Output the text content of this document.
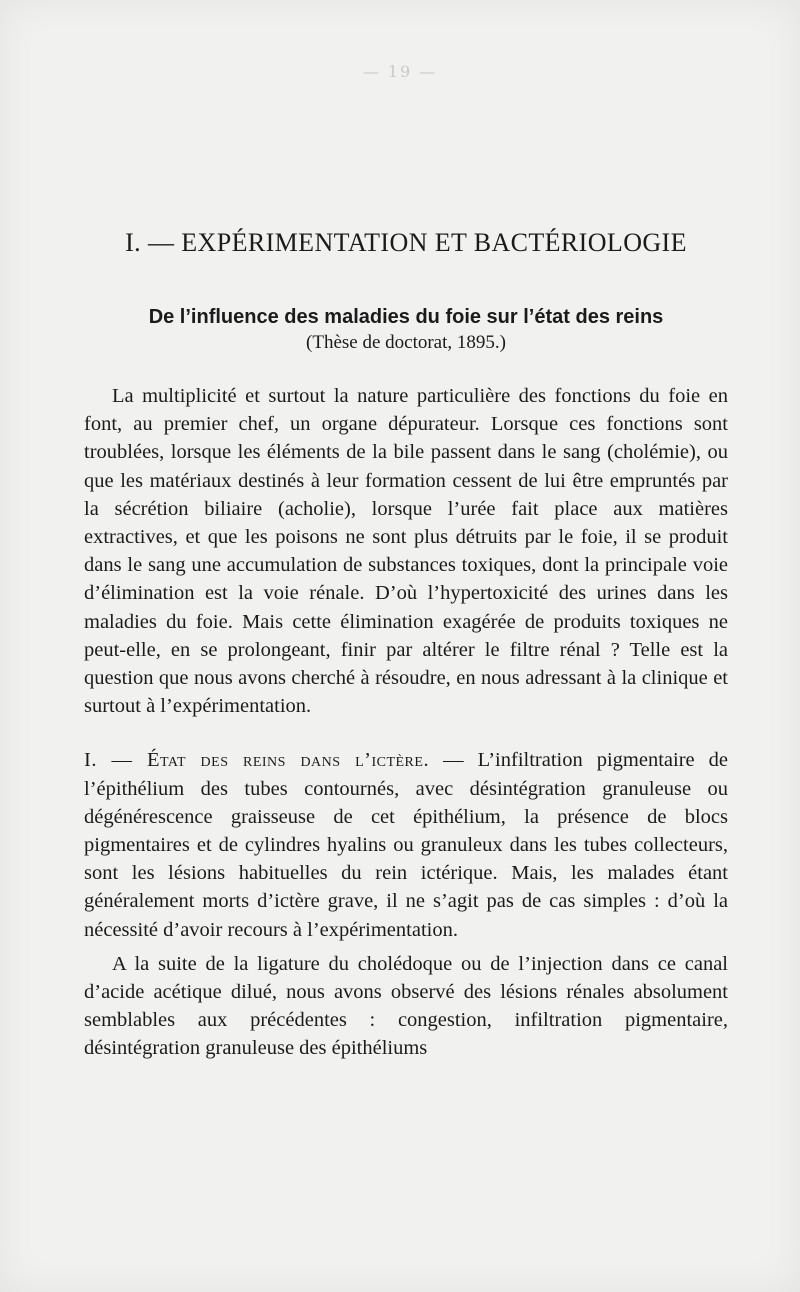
— 19 —
I. — EXPÉRIMENTATION ET BACTÉRIOLOGIE
De l’influence des maladies du foie sur l’état des reins
(Thèse de doctorat, 1895.)

La multiplicité et surtout la nature particulière des fonctions du foie en font, au premier chef, un organe dépurateur. Lorsque ces fonctions sont troublées, lorsque les éléments de la bile passent dans le sang (cholémie), ou que les matériaux destinés à leur formation cessent de lui être empruntés par la sécrétion biliaire (acholie), lorsque l’urée fait place aux matières extractives, et que les poisons ne sont plus détruits par le foie, il se produit dans le sang une accumulation de substances toxiques, dont la principale voie d’élimination est la voie rénale. D’où l’hypertoxicité des urines dans les maladies du foie. Mais cette élimination exagérée de produits toxiques ne peut-elle, en se prolongeant, finir par altérer le filtre rénal ? Telle est la question que nous avons cherché à résoudre, en nous adressant à la clinique et surtout à l’expérimentation.

I. — État des reins dans l’ictère. — L’infiltration pigmentaire de l’épithélium des tubes contournés, avec désintégration granuleuse ou dégénérescence graisseuse de cet épithélium, la présence de blocs pigmentaires et de cylindres hyalins ou granuleux dans les tubes collecteurs, sont les lésions habituelles du rein ictérique. Mais, les malades étant généralement morts d’ictère grave, il ne s’agit pas de cas simples : d’où la nécessité d’avoir recours à l’expérimentation.

A la suite de la ligature du cholédoque ou de l’injection dans ce canal d’acide acétique dilué, nous avons observé des lésions rénales absolument semblables aux précédentes : congestion, infiltration pigmentaire, désintégration granuleuse des épithéliums
